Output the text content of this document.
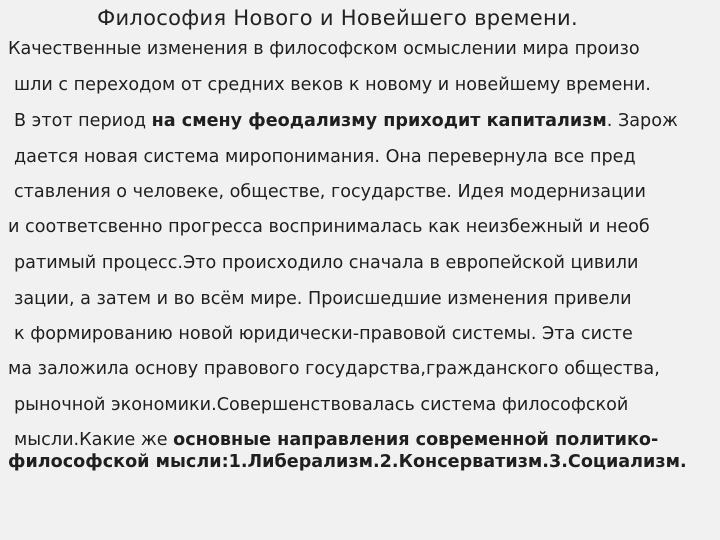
Философия Нового и Новейшего времени.
Качественные изменения в философском осмыслении мира произо
шли с переходом от средних веков к новому и новейшему времени.
В этот период на смену феодализму приходит капитализм. Зарож
дается новая система миропонимания. Она перевернула все пред
ставления о человеке, обществе, государстве. Идея модернизации
и соответсвенно прогресса воспринималась как неизбежный и необ
ратимый процесс.Это происходило сначала в европейской цивили
зации, а затем и во всём мире. Происшедшие изменения привели
к формированию новой юридически-правовой системы. Эта систе
ма заложила основу правового государства,гражданского общества,
рыночной экономики.Совершенствовалась система философской
мысли.Какие же основные направления современной политико-
философской мысли:1.Либерализм.2.Консерватизм.3.Социализм.
